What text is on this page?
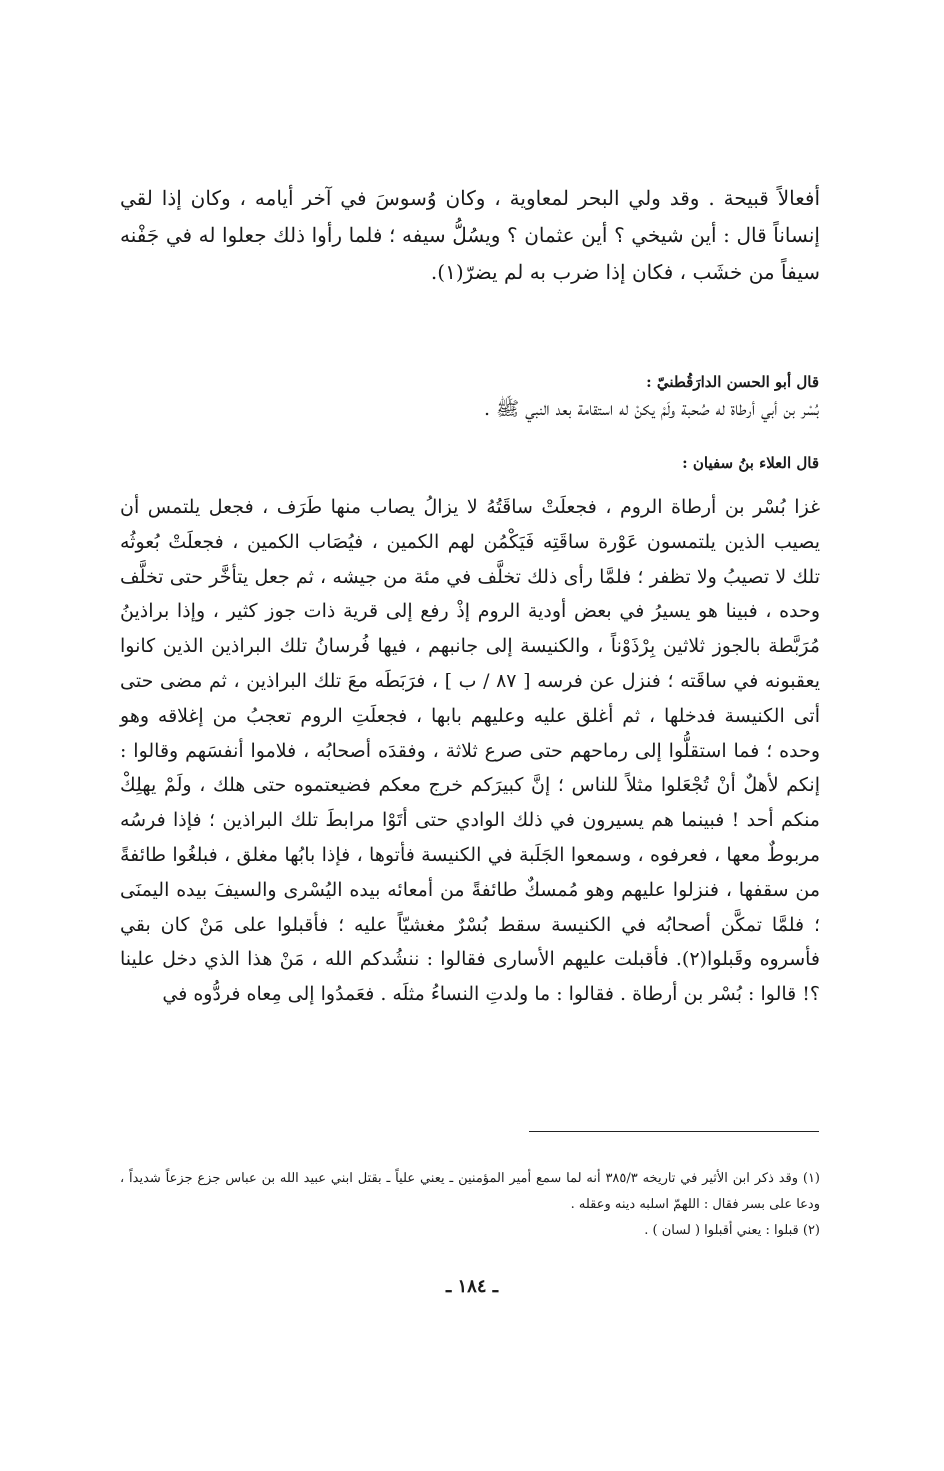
أفعالاً قبيحة . وقد ولي البحر لمعاوية ، وكان وُسوسَ في آخر أيامه ، وكان إذا لقي إنساناً قال : أين شيخي ؟ أين عثمان ؟ ويسُلُّ سيفه ؛ فلما رأوا ذلك جعلوا له في جَفْنه سيفاً من خشَب ، فكان إذا ضرب به لم يضرّ(١).

قال أبو الحسن الدارَقُطنيّ :

بُسْر بن أبي أرطاة له صُحبة ولَمْ يكنْ له استقامة بعد النبي ﷺ .

قال العلاء بنُ سفيان :

غزا بُسْر بن أرطاة الروم ، فجعلَتْ ساقَتُهُ لا يزالُ يصاب منها طَرَف ، فجعل يلتمس أن يصيب الذين يلتمسون عَوْرة ساقَتِه فَيَكْمُن لهم الكمين ، فيُصَاب الكمين ، فجعلَتْ بُعوثُه تلك لا تصيبُ ولا تظفر ؛ فلمَّا رأى ذلك تخلَّف في مئة من جيشه ، ثم جعل يتأخَّر حتى تخلَّف وحده ، فبينا هو يسيرُ في بعض أودية الروم إذْ رفع إلى قرية ذات جوز كثير ، وإذا براذينُ مُرَبَّطة بالجوز ثلاثين بِرْذَوْناً ، والكنيسة إلى جانبهم ، فيها فُرسانُ تلك البراذين الذين كانوا يعقبونه في ساقَته ؛ فنزل عن فرسه [ ٨٧ / ب ] ، فرَبَطَه معَ تلك البراذين ، ثم مضى حتى أتى الكنيسة فدخلها ، ثم أغلق عليه وعليهم بابها ، فجعلَتِ الروم تعجبُ من إغلاقه وهو وحده ؛ فما استقلُّوا إلى رماحهم حتى صرع ثلاثة ، وفقدَه أصحابُه ، فلاموا أنفسَهم وقالوا : إنكم لأهلٌ أنْ تُجْعَلوا مثلاً للناس ؛ إنَّ كبيرَكم خرج معكم فضيعتموه حتى هلك ، ولَمْ يهلِكْ منكم أحد ! فبينما هم يسيرون في ذلك الوادي حتى أتَوْا مرابطَ تلك البراذين ؛ فإذا فرسُه مربوطٌ معها ، فعرفوه ، وسمعوا الجَلَبة في الكنيسة فأتوها ، فإذا بابُها مغلق ، فبلغُوا طائفةً من سقفها ، فنزلوا عليهم وهو مُمسكٌ طائفةً من أمعائه بيده اليُسْرى والسيفَ بيده اليمنَى ؛ فلمَّا تمكَّن أصحابُه في الكنيسة سقط بُسْرٌ مغشيّاً عليه ؛ فأقبلوا على مَنْ كان بقي فأسروه وقَبلوا(٢). فأقبلت عليهم الأسارى فقالوا : ننشُدكم الله ، مَنْ هذا الذي دخل علينا ؟! قالوا : بُسْر بن أرطاة . فقالوا : ما ولدتِ النساءُ مثلَه . فعَمدُوا إلى مِعاه فردُّوه في

(١) وقد ذكر ابن الأثير في تاريخه ٣٨٥/٣ أنه لما سمع أمير المؤمنين ـ يعني علياً ـ بقتل ابني عبيد الله بن عباس جزع جزعاً شديداً ، ودعا على بسر فقال : اللهمّ اسلبه دينه وعقله .

(٢) قبلوا : يعني أقبلوا ( لسان ) .

ـ ١٨٤ ـ
